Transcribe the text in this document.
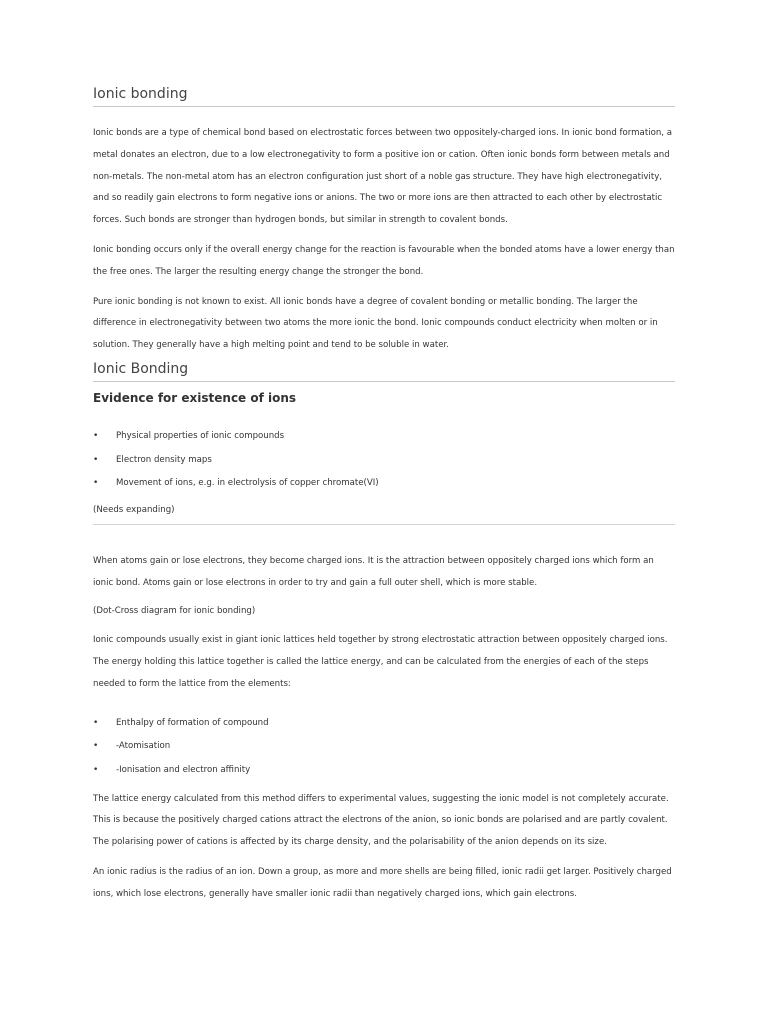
Ionic bonding

Ionic bonds are a type of chemical bond based on electrostatic forces between two oppositely-charged ions. In ionic bond formation, a metal donates an electron, due to a low electronegativity to form a positive ion or cation. Often ionic bonds form between metals and non-metals. The non-metal atom has an electron configuration just short of a noble gas structure. They have high electronegativity, and so readily gain electrons to form negative ions or anions. The two or more ions are then attracted to each other by electrostatic forces. Such bonds are stronger than hydrogen bonds, but similar in strength to covalent bonds.

Ionic bonding occurs only if the overall energy change for the reaction is favourable when the bonded atoms have a lower energy than the free ones. The larger the resulting energy change the stronger the bond.

Pure ionic bonding is not known to exist. All ionic bonds have a degree of covalent bonding or metallic bonding. The larger the difference in electronegativity between two atoms the more ionic the bond. Ionic compounds conduct electricity when molten or in solution. They generally have a high melting point and tend to be soluble in water.

Ionic Bonding
Evidence for existence of ions
• Physical properties of ionic compounds
• Electron density maps
• Movement of ions, e.g. in electrolysis of copper chromate(VI)

(Needs expanding)

When atoms gain or lose electrons, they become charged ions. It is the attraction between oppositely charged ions which form an ionic bond. Atoms gain or lose electrons in order to try and gain a full outer shell, which is more stable.

(Dot-Cross diagram for ionic bonding)

Ionic compounds usually exist in giant ionic lattices held together by strong electrostatic attraction between oppositely charged ions. The energy holding this lattice together is called the lattice energy, and can be calculated from the energies of each of the steps needed to form the lattice from the elements:

• Enthalpy of formation of compound
• -Atomisation
• -Ionisation and electron affinity

The lattice energy calculated from this method differs to experimental values, suggesting the ionic model is not completely accurate. This is because the positively charged cations attract the electrons of the anion, so ionic bonds are polarised and are partly covalent. The polarising power of cations is affected by its charge density, and the polarisability of the anion depends on its size.

An ionic radius is the radius of an ion. Down a group, as more and more shells are being filled, ionic radii get larger. Positively charged ions, which lose electrons, generally have smaller ionic radii than negatively charged ions, which gain electrons.
